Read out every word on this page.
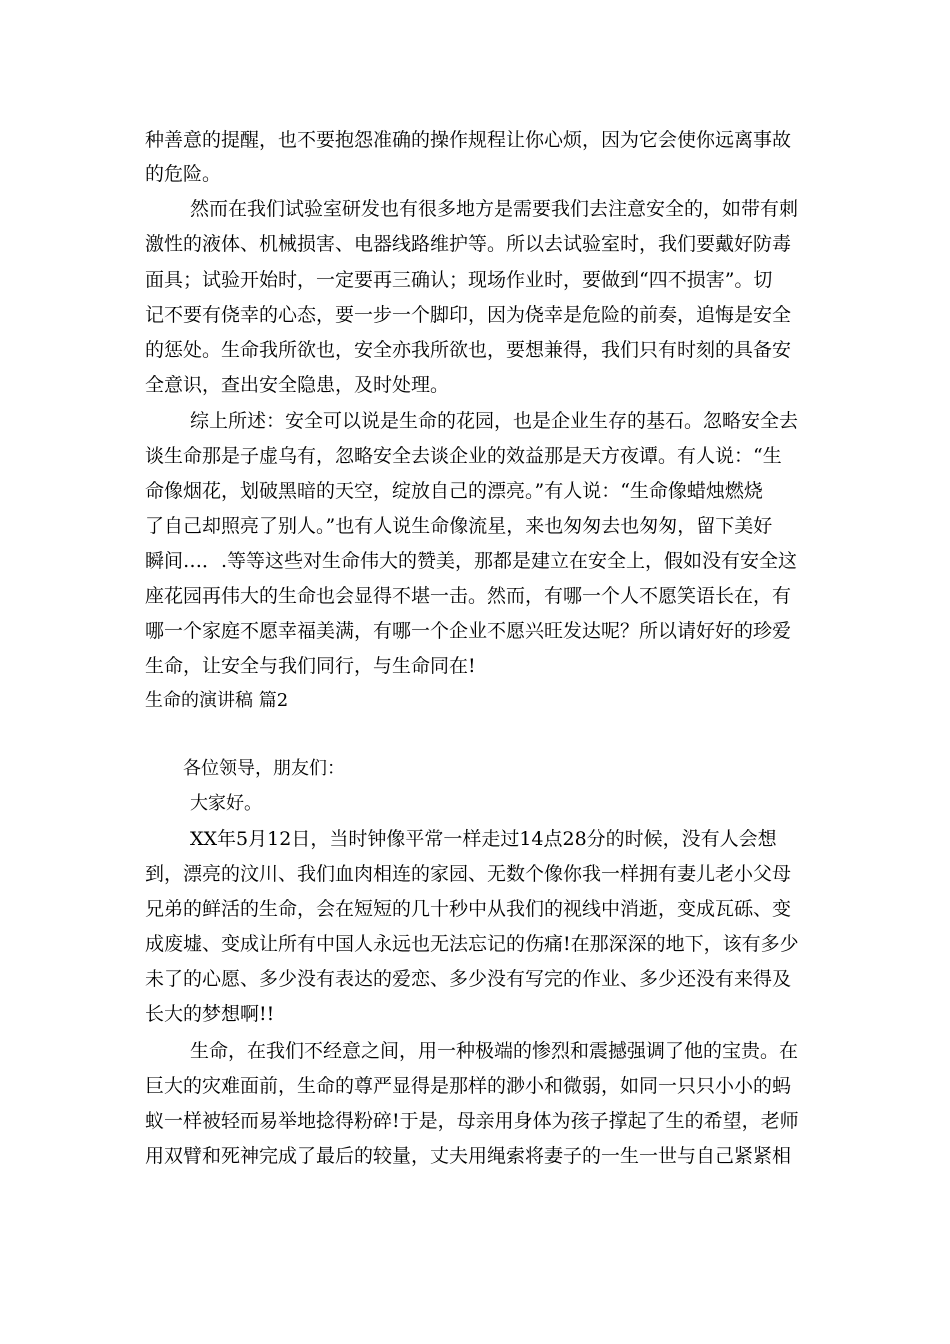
种善意的提醒，也不要抱怨准确的操作规程让你心烦，因为它会使你远离事故
的危险。
然而在我们试验室研发也有很多地方是需要我们去注意安全的，如带有刺
激性的液体、机械损害、电器线路维护等。所以去试验室时，我们要戴好防毒
面具；试验开始时，一定要再三确认；现场作业时，要做到“四不损害”。切
记不要有侥幸的心态，要一步一个脚印，因为侥幸是危险的前奏，追悔是安全
的惩处。生命我所欲也，安全亦我所欲也，要想兼得，我们只有时刻的具备安
全意识，查出安全隐患，及时处理。
综上所述：安全可以说是生命的花园，也是企业生存的基石。忽略安全去
谈生命那是子虚乌有，忽略安全去谈企业的效益那是天方夜谭。有人说：“生
命像烟花，划破黑暗的天空，绽放自己的漂亮。”有人说：“生命像蜡烛燃烧
了自己却照亮了别人。”也有人说生命像流星，来也匆匆去也匆匆，留下美好
瞬间…．.等等这些对生命伟大的赞美，那都是建立在安全上，假如没有安全这
座花园再伟大的生命也会显得不堪一击。然而，有哪一个人不愿笑语长在，有
哪一个家庭不愿幸福美满，有哪一个企业不愿兴旺发达呢？所以请好好的珍爱
生命，让安全与我们同行，与生命同在!
生命的演讲稿 篇2
各位领导，朋友们：
大家好。
XX年5月12日，当时钟像平常一样走过14点28分的时候，没有人会想
到，漂亮的汶川、我们血肉相连的家园、无数个像你我一样拥有妻儿老小父母
兄弟的鲜活的生命，会在短短的几十秒中从我们的视线中消逝，变成瓦砾、变
成废墟、变成让所有中国人永远也无法忘记的伤痛!在那深深的地下，该有多少
未了的心愿、多少没有表达的爱恋、多少没有写完的作业、多少还没有来得及
长大的梦想啊!!
生命，在我们不经意之间，用一种极端的惨烈和震撼强调了他的宝贵。在
巨大的灾难面前，生命的尊严显得是那样的渺小和微弱，如同一只只小小的蚂
蚁一样被轻而易举地捻得粉碎!于是，母亲用身体为孩子撑起了生的希望，老师
用双臂和死神完成了最后的较量，丈夫用绳索将妻子的一生一世与自己紧紧相
